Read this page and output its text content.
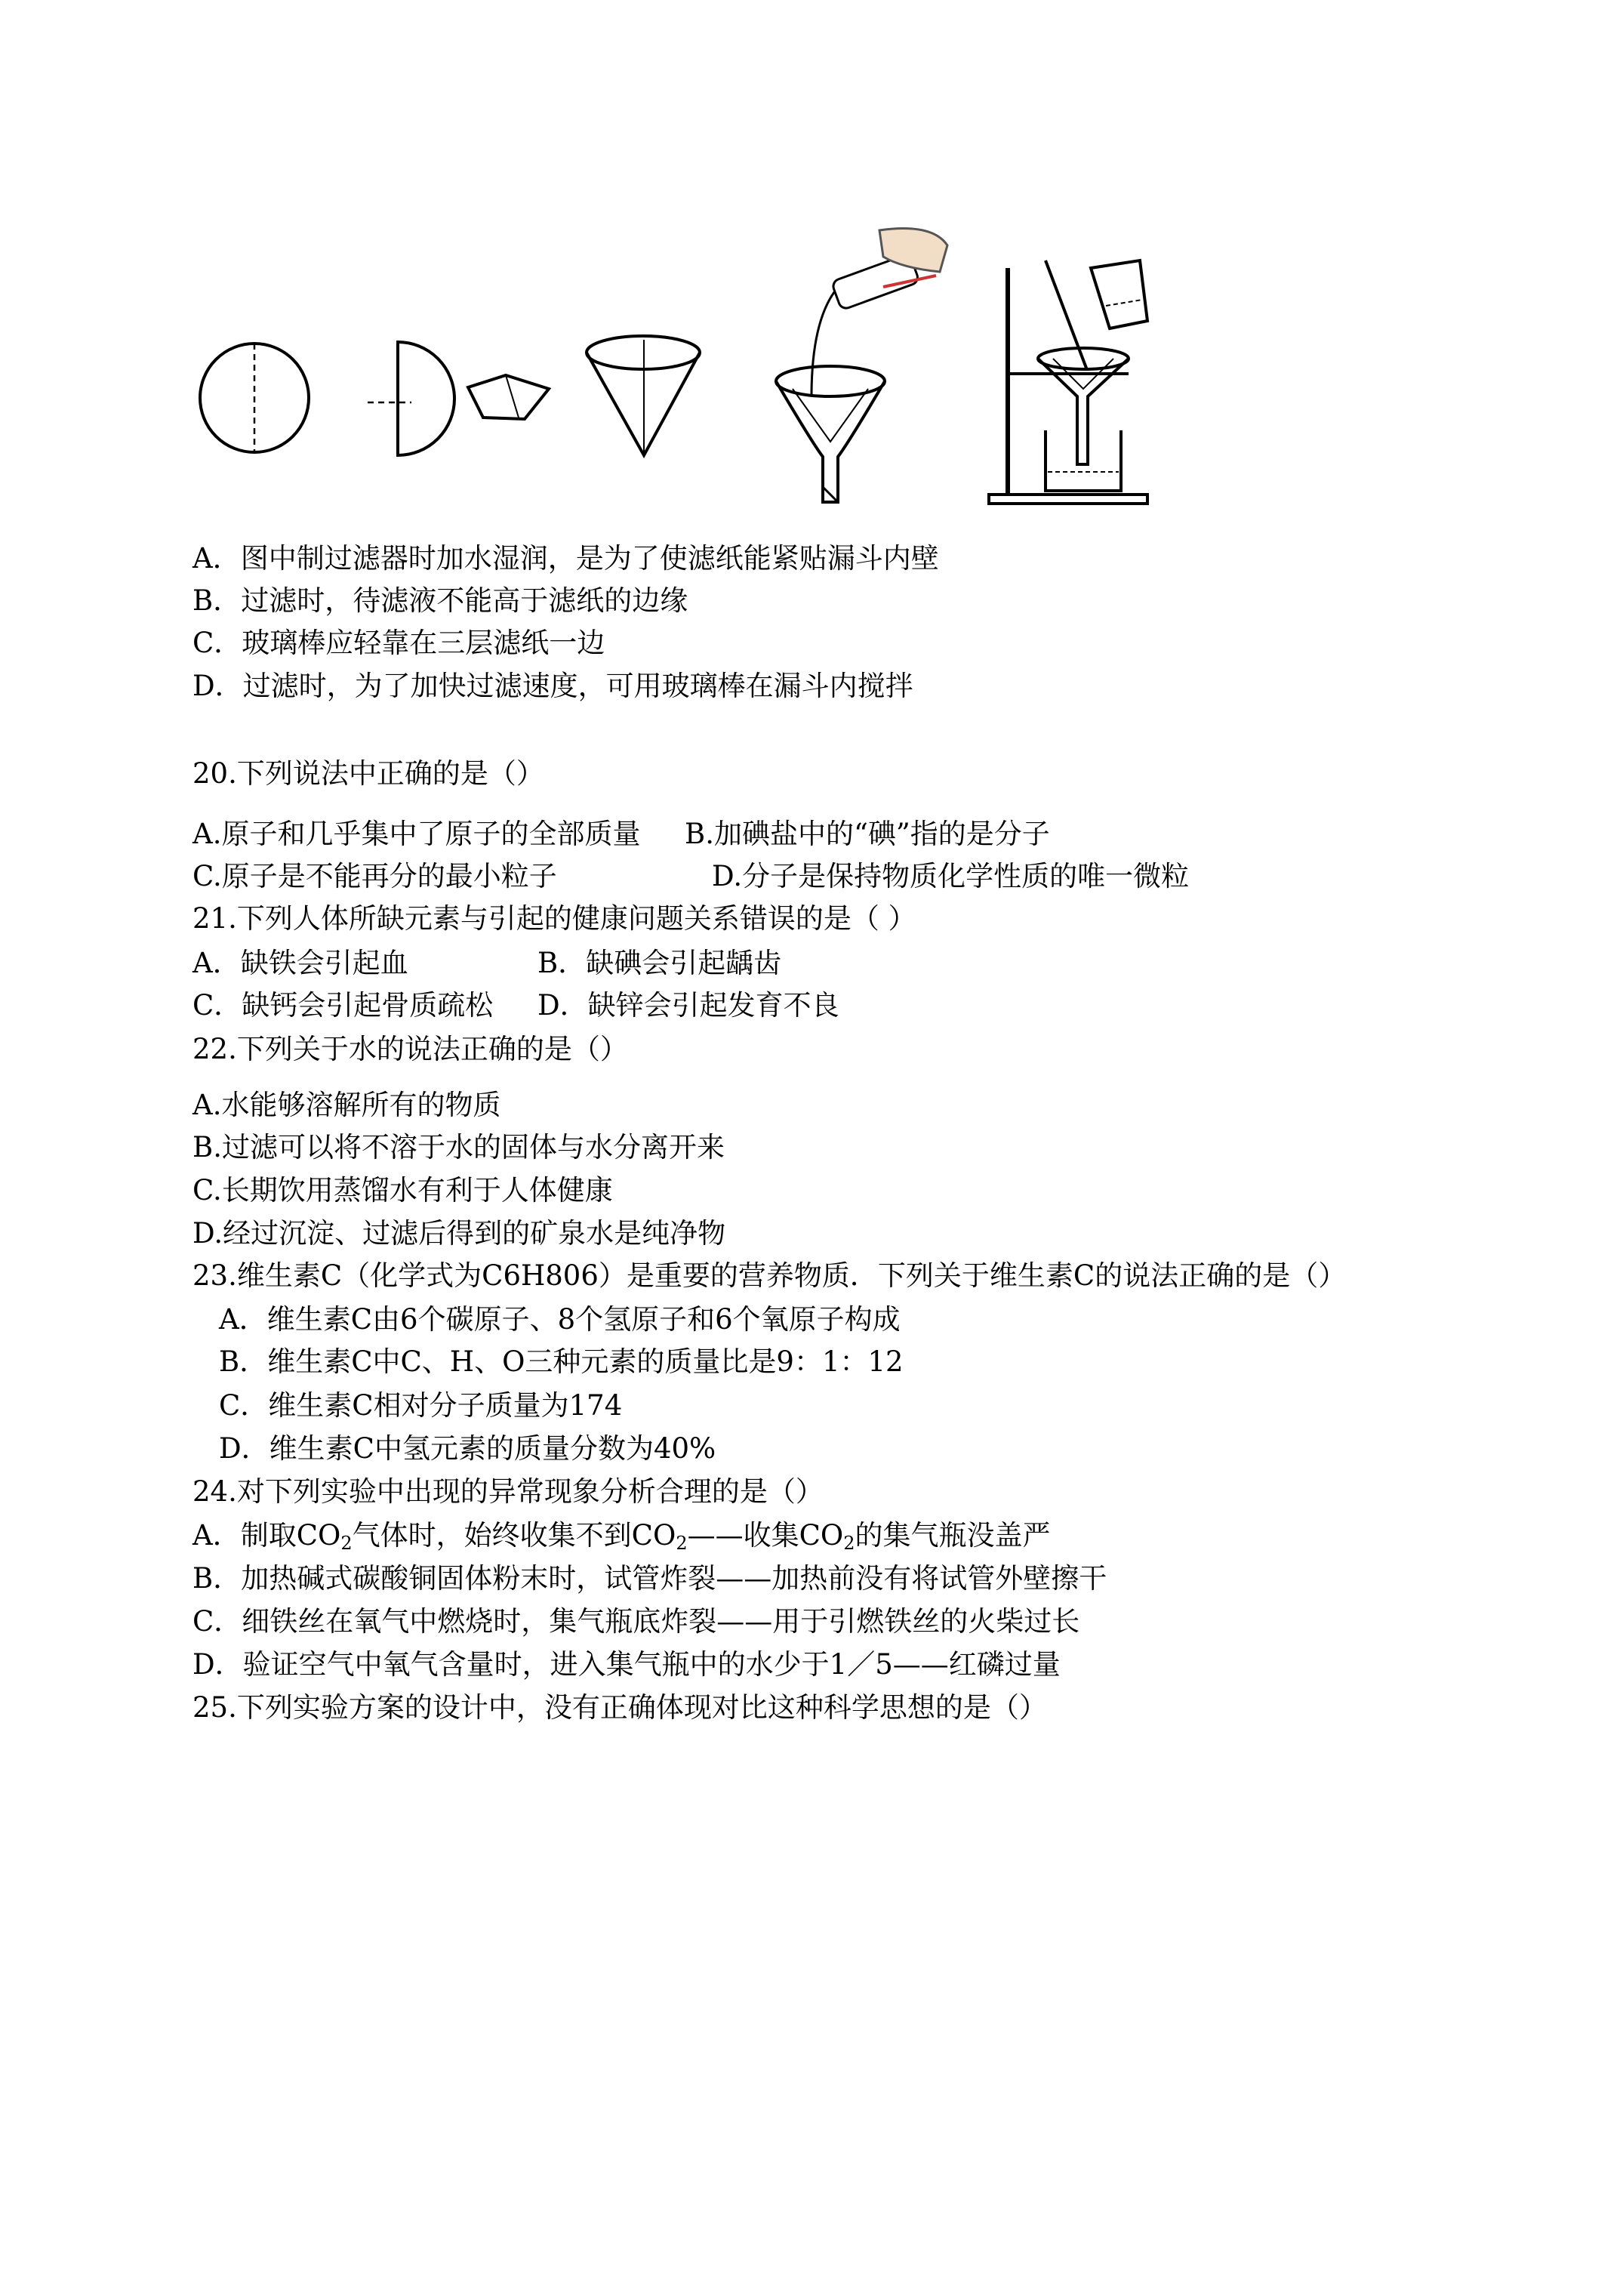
A．图中制过滤器时加水湿润，是为了使滤纸能紧贴漏斗内壁
B．过滤时，待滤液不能高于滤纸的边缘
C．玻璃棒应轻靠在三层滤纸一边
D．过滤时，为了加快过滤速度，可用玻璃棒在漏斗内搅拌
20.下列说法中正确的是（）
A.原子和几乎集中了原子的全部质量 B.加碘盐中的“碘”指的是分子
C.原子是不能再分的最小粒子	D.分子是保持物质化学性质的唯一微粒
21.下列人体所缺元素与引起的健康问题关系错误的是（ ）
A．缺铁会引起血	B．缺碘会引起龋齿
C．缺钙会引起骨质疏松 D．缺锌会引起发育不良
22.下列关于水的说法正确的是（）
A.水能够溶解所有的物质
B.过滤可以将不溶于水的固体与水分离开来
C.长期饮用蒸馏水有利于人体健康
D.经过沉淀、过滤后得到的矿泉水是纯净物
23.维生素C（化学式为C6H806）是重要的营养物质．下列关于维生素C的说法正确的是（）
A．维生素C由6个碳原子、8个氢原子和6个氧原子构成
B．维生素C中C、H、O三种元素的质量比是9：1：12
C．维生素C相对分子质量为174
D．维生素C中氢元素的质量分数为40%
24.对下列实验中出现的异常现象分析合理的是（）
A．制取$CO_2$气体时，始终收集不到$CO_2——$收集$CO_2$的集气瓶没盖严
B．加热碱式碳酸铜固体粉末时，试管炸裂——加热前没有将试管外壁擦干
C．细铁丝在氧气中燃烧时，集气瓶底炸裂——用于引燃铁丝的火柴过长
D．验证空气中氧气含量时，进入集气瓶中的水少于1／5——红磷过量
25.下列实验方案的设计中，没有正确体现对比这种科学思想的是（）
